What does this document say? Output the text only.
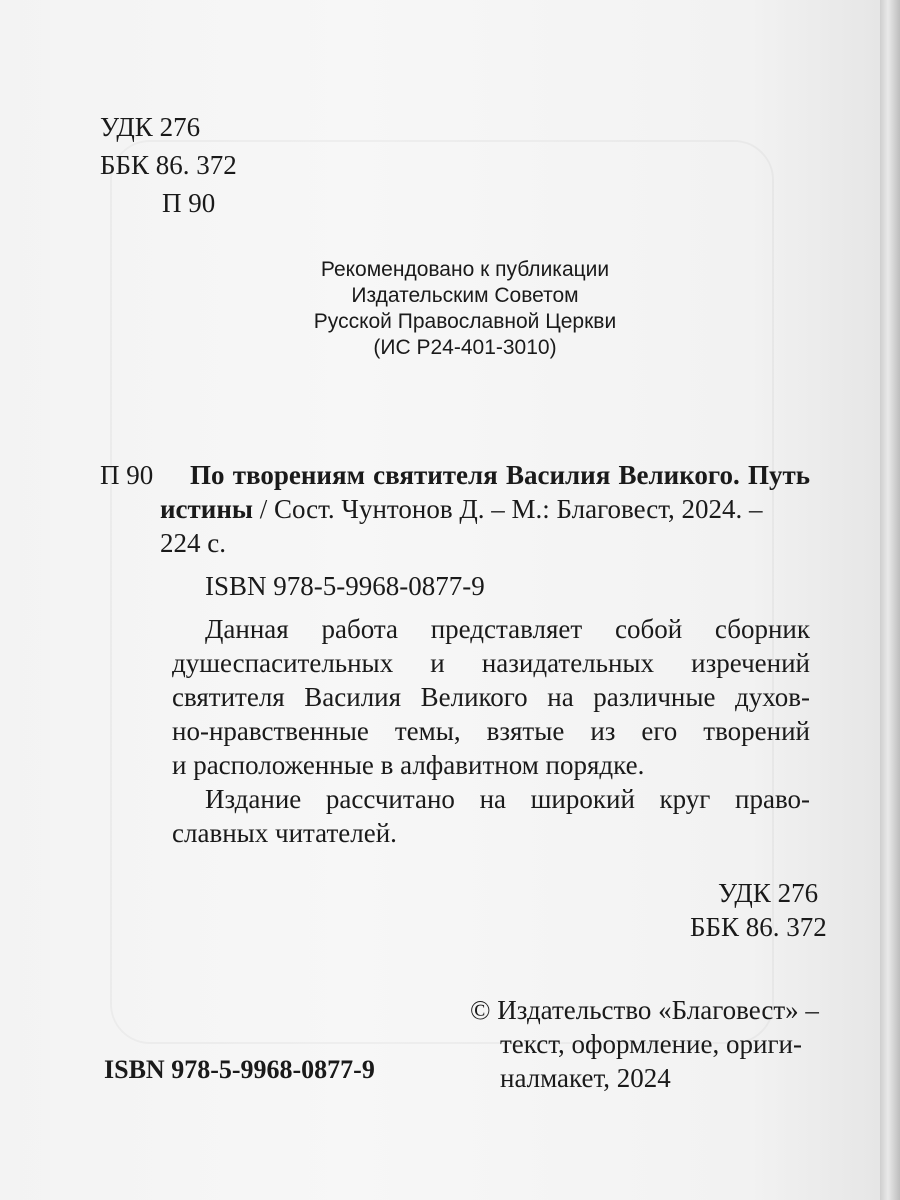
УДК 276
ББК 86. 372
П 90
Рекомендовано к публикации
Издательским Советом
Русской Православной Церкви
(ИС Р24-401-3010)
П 90 По творениям святителя Василия Великого. Путь
истины / Сост. Чунтонов Д. – М.: Благовест, 2024. –
224 с.
ISBN 978-5-9968-0877-9
Данная работа представляет собой сборник
душеспасительных и назидательных изречений
святителя Василия Великого на различные духов-
но-нравственные темы, взятые из его творений
и расположенные в алфавитном порядке.
Издание рассчитано на широкий круг право-
славных читателей.
УДК 276
ББК 86. 372
ISBN 978-5-9968-0877-9
© Издательство «Благовест» –
текст, оформление, ориги-
налмакет, 2024
